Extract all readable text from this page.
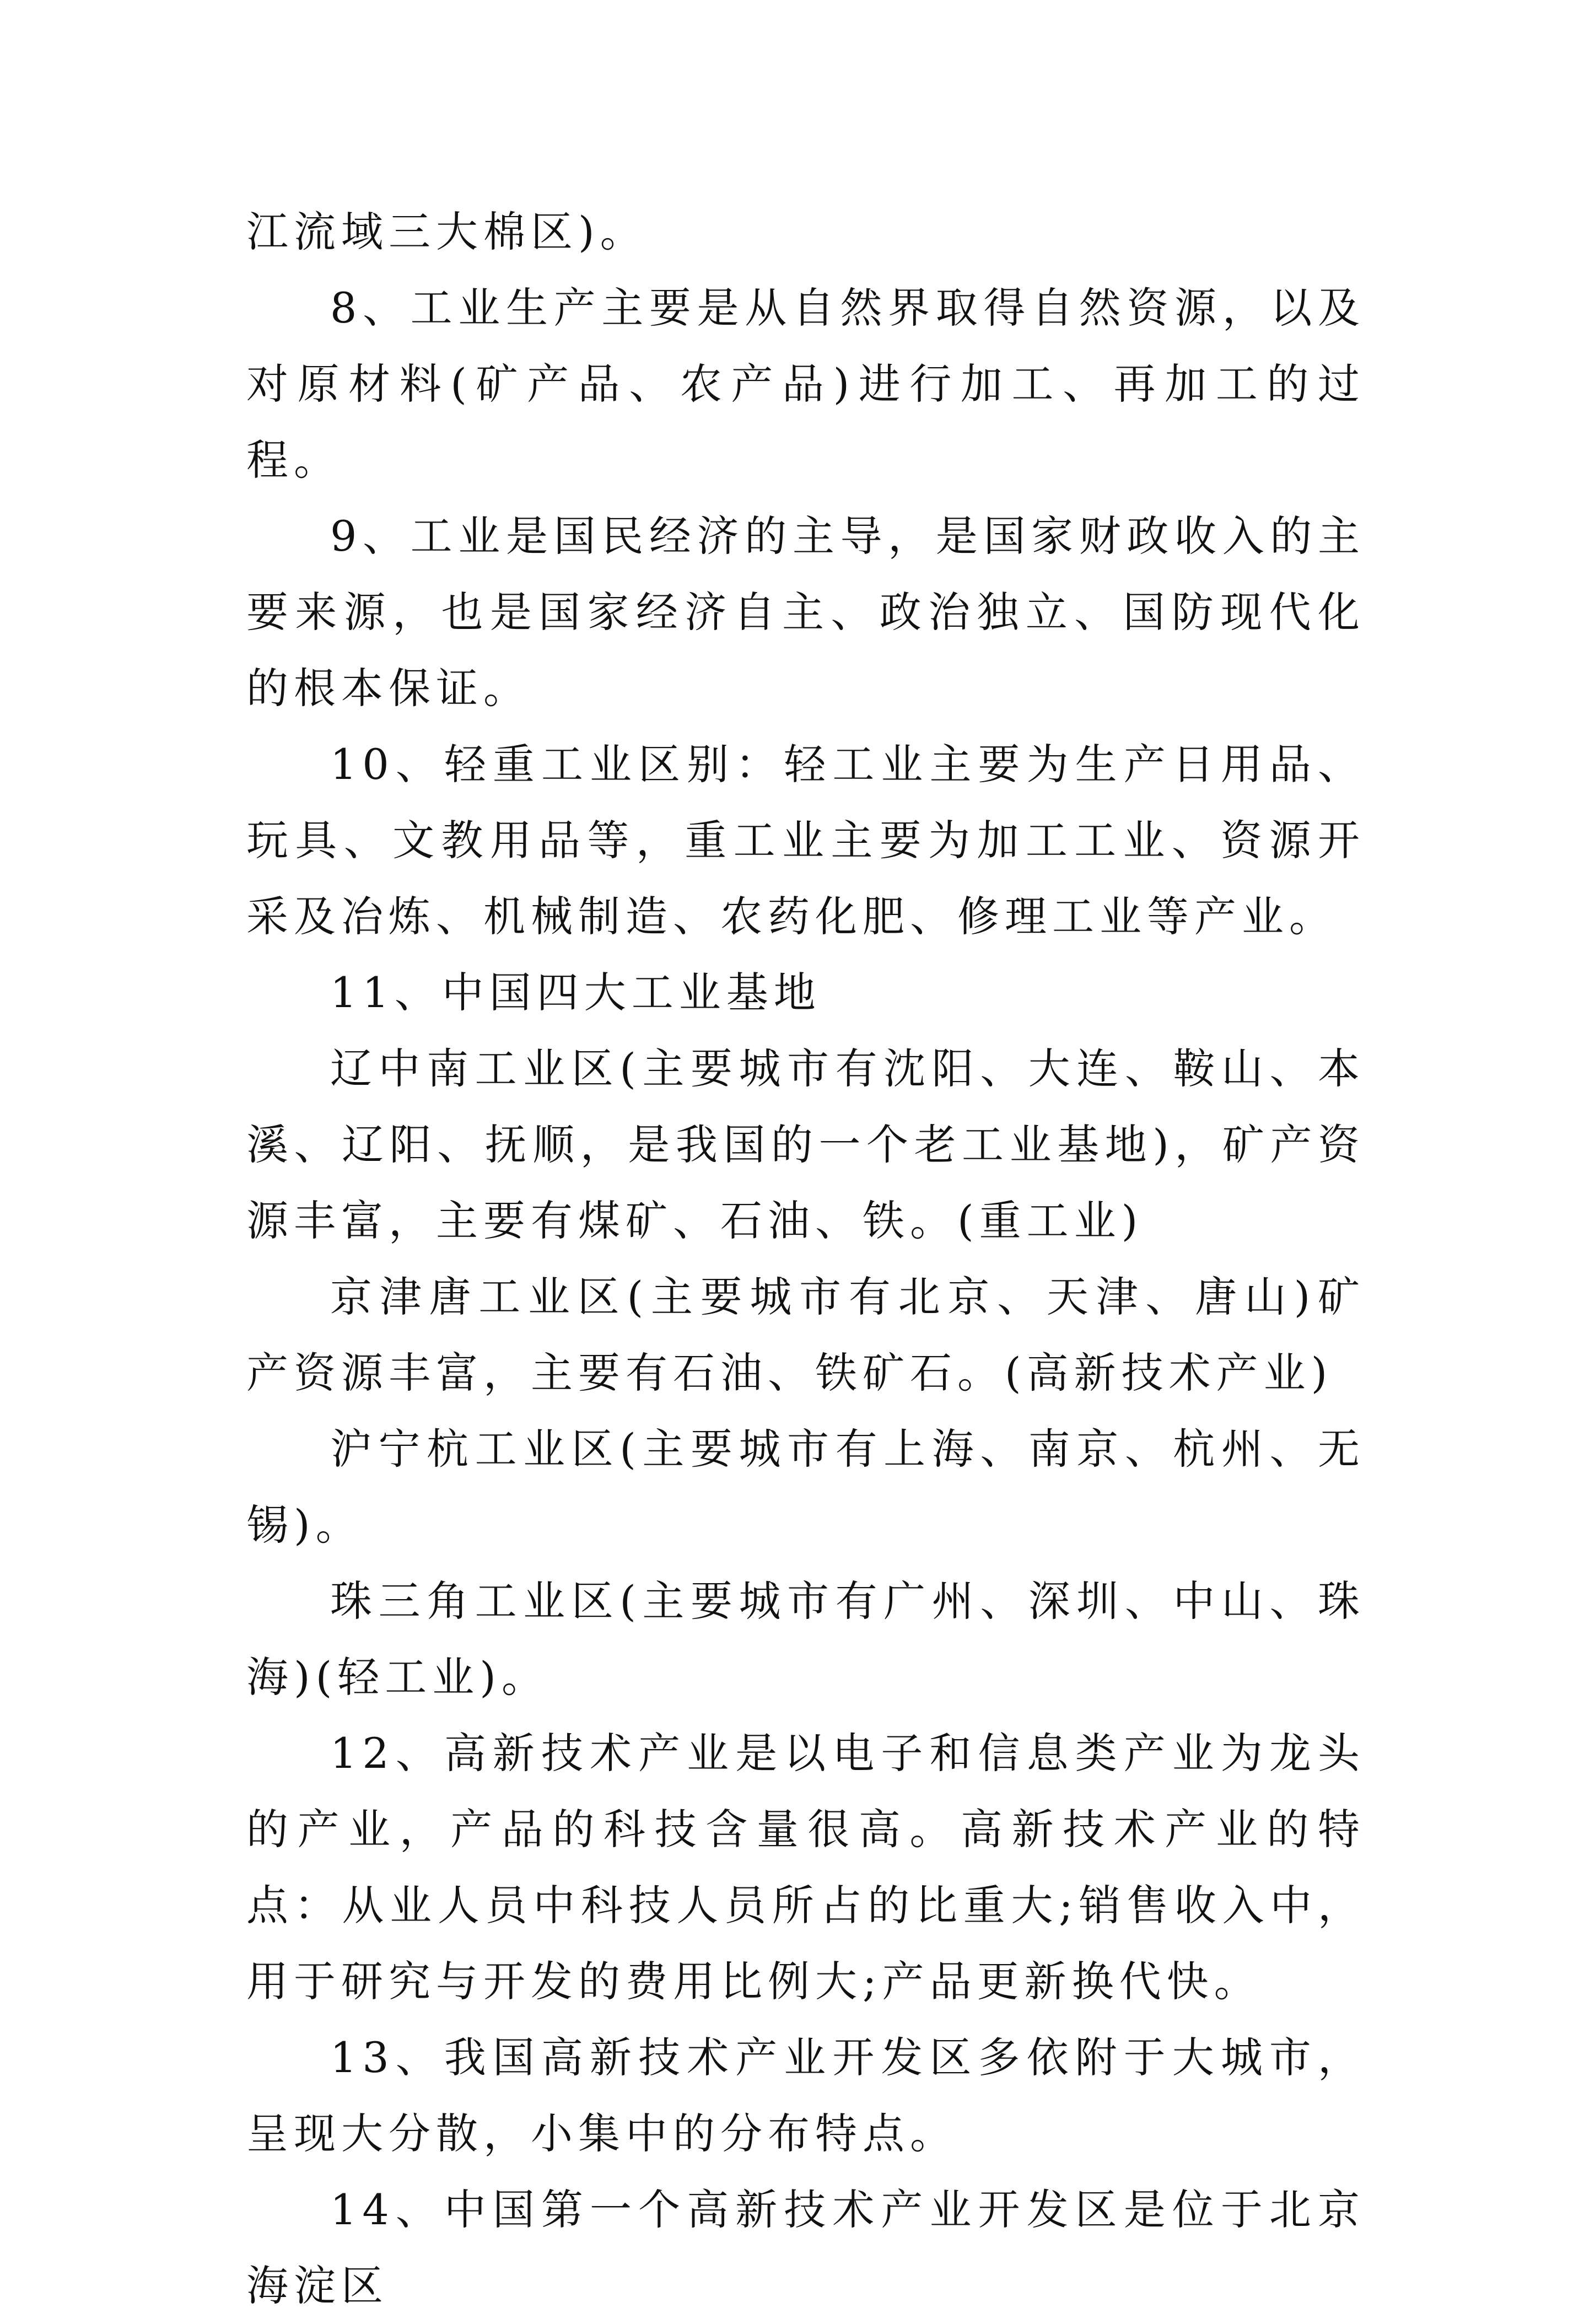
江流域三大棉区)。

8、工业生产主要是从自然界取得自然资源，以及对原材料(矿产品、农产品)进行加工、再加工的过程。

9、工业是国民经济的主导，是国家财政收入的主要来源，也是国家经济自主、政治独立、国防现代化的根本保证。

10、轻重工业区别：轻工业主要为生产日用品、玩具、文教用品等，重工业主要为加工工业、资源开采及冶炼、机械制造、农药化肥、修理工业等产业。

11、中国四大工业基地

辽中南工业区(主要城市有沈阳、大连、鞍山、本溪、辽阳、抚顺，是我国的一个老工业基地)，矿产资源丰富，主要有煤矿、石油、铁。(重工业)

京津唐工业区(主要城市有北京、天津、唐山)矿产资源丰富，主要有石油、铁矿石。(高新技术产业)

沪宁杭工业区(主要城市有上海、南京、杭州、无锡)。

珠三角工业区(主要城市有广州、深圳、中山、珠海)(轻工业)。

12、高新技术产业是以电子和信息类产业为龙头的产业，产品的科技含量很高。高新技术产业的特点：从业人员中科技人员所占的比重大;销售收入中，用于研究与开发的费用比例大;产品更新换代快。

13、我国高新技术产业开发区多依附于大城市，呈现大分散，小集中的分布特点。

14、中国第一个高新技术产业开发区是位于北京海淀区
